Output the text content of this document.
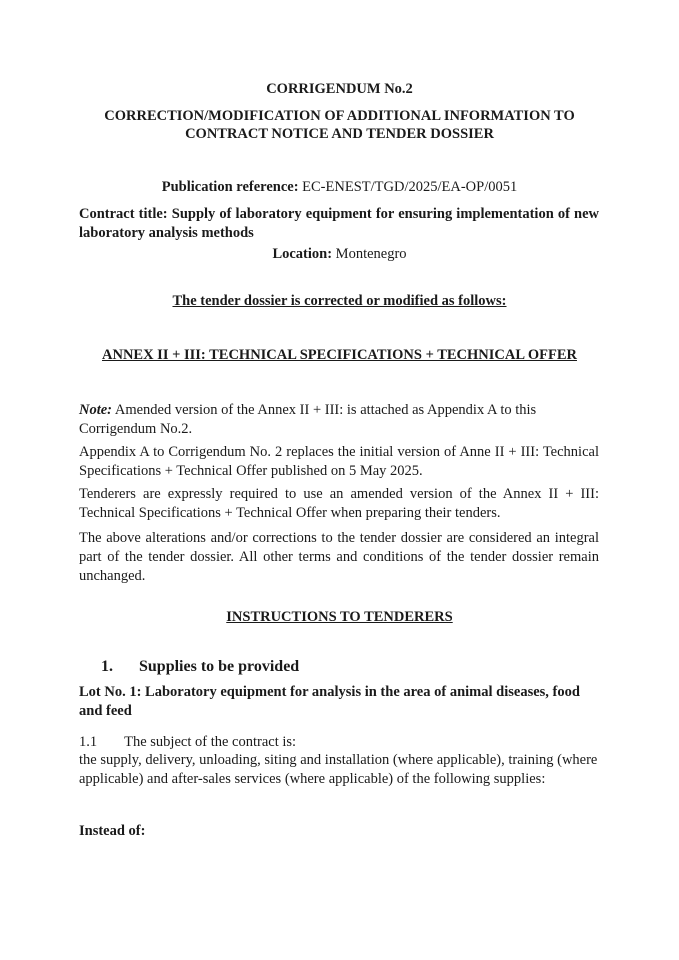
CORRIGENDUM No.2
CORRECTION/MODIFICATION OF ADDITIONAL INFORMATION TO
CONTRACT NOTICE AND TENDER DOSSIER
Publication reference: EC-ENEST/TGD/2025/EA-OP/0051
Contract title: Supply of laboratory equipment for ensuring implementation of new laboratory analysis methods
Location: Montenegro
The tender dossier is corrected or modified as follows:
ANNEX II + III: TECHNICAL SPECIFICATIONS + TECHNICAL OFFER
Note: Amended version of the Annex II + III: is attached as Appendix A to this Corrigendum No.2.
Appendix A to Corrigendum No. 2 replaces the initial version of Anne II + III: Technical Specifications + Technical Offer published on 5 May 2025.
Tenderers are expressly required to use an amended version of the Annex II + III: Technical Specifications + Technical Offer when preparing their tenders.
The above alterations and/or corrections to the tender dossier are considered an integral part of the tender dossier. All other terms and conditions of the tender dossier remain unchanged.
INSTRUCTIONS TO TENDERERS
1. Supplies to be provided
Lot No. 1: Laboratory equipment for analysis in the area of animal diseases, food and feed
1.1 The subject of the contract is:
the supply, delivery, unloading, siting and installation (where applicable), training (where applicable) and after-sales services (where applicable) of the following supplies:
Instead of:
